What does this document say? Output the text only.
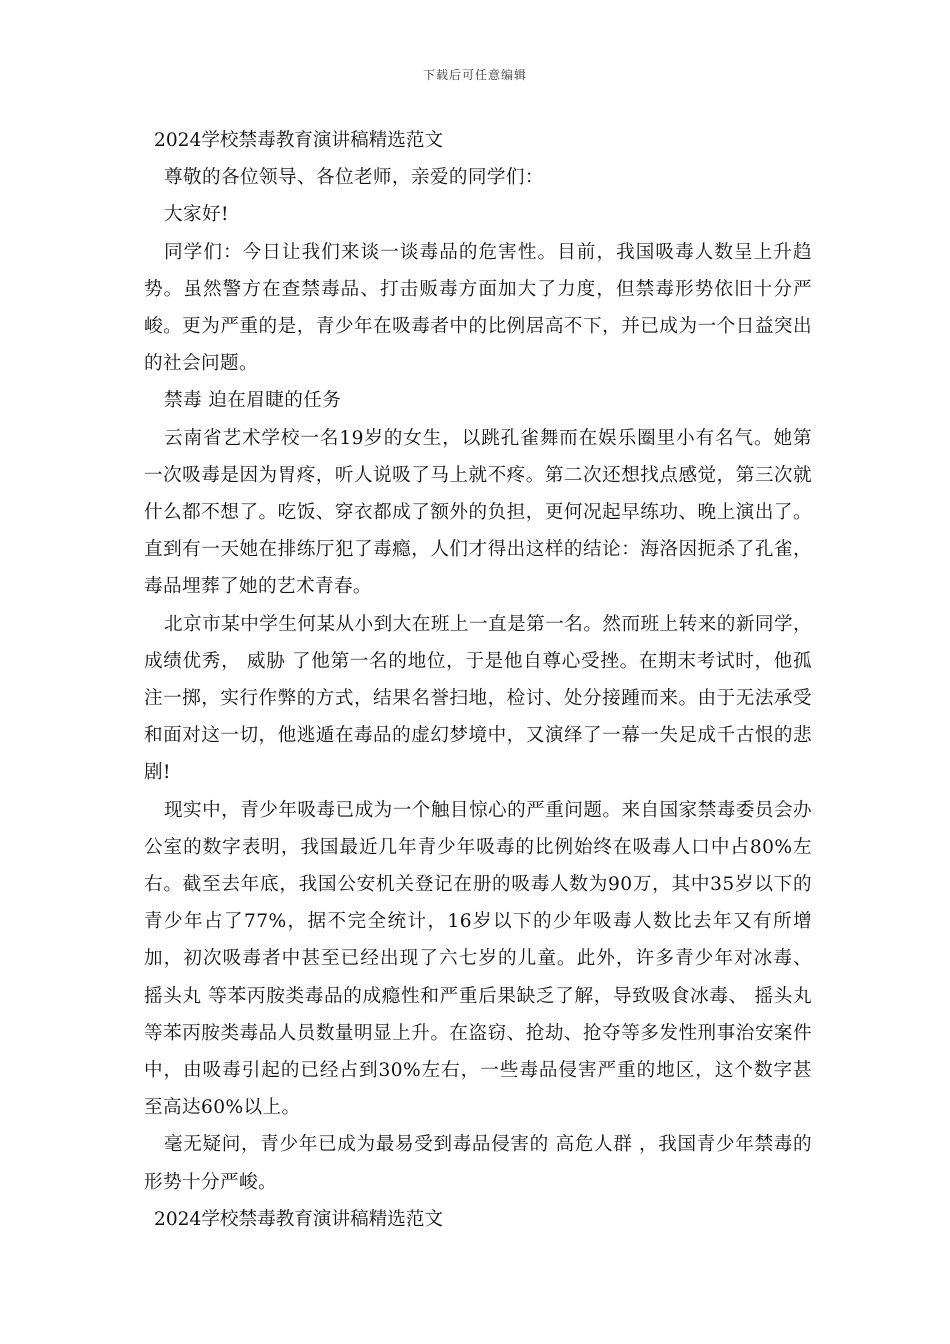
下载后可任意编辑

2024学校禁毒教育演讲稿精选范文

尊敬的各位领导、各位老师，亲爱的同学们：

大家好!

同学们：今日让我们来谈一谈毒品的危害性。目前，我国吸毒人数呈上升趋势。虽然警方在查禁毒品、打击贩毒方面加大了力度，但禁毒形势依旧十分严峻。更为严重的是，青少年在吸毒者中的比例居高不下，并已成为一个日益突出的社会问题。

禁毒 迫在眉睫的任务

云南省艺术学校一名19岁的女生，以跳孔雀舞而在娱乐圈里小有名气。她第一次吸毒是因为胃疼，听人说吸了马上就不疼。第二次还想找点感觉，第三次就什么都不想了。吃饭、穿衣都成了额外的负担，更何况起早练功、晚上演出了。直到有一天她在排练厅犯了毒瘾，人们才得出这样的结论：海洛因扼杀了孔雀，毒品埋葬了她的艺术青春。

北京市某中学生何某从小到大在班上一直是第一名。然而班上转来的新同学，成绩优秀， 威胁 了他第一名的地位，于是他自尊心受挫。在期末考试时，他孤注一掷，实行作弊的方式，结果名誉扫地，检讨、处分接踵而来。由于无法承受和面对这一切，他逃遁在毒品的虚幻梦境中，又演绎了一幕一失足成千古恨的悲剧!

现实中，青少年吸毒已成为一个触目惊心的严重问题。来自国家禁毒委员会办公室的数字表明，我国最近几年青少年吸毒的比例始终在吸毒人口中占80%左右。截至去年底，我国公安机关登记在册的吸毒人数为90万，其中35岁以下的青少年占了77%，据不完全统计，16岁以下的少年吸毒人数比去年又有所增加，初次吸毒者中甚至已经出现了六七岁的儿童。此外，许多青少年对冰毒、 摇头丸 等苯丙胺类毒品的成瘾性和严重后果缺乏了解，导致吸食冰毒、 摇头丸 等苯丙胺类毒品人员数量明显上升。在盗窃、抢劫、抢夺等多发性刑事治安案件中，由吸毒引起的已经占到30%左右，一些毒品侵害严重的地区，这个数字甚至高达60%以上。

毫无疑问，青少年已成为最易受到毒品侵害的 高危人群 ，我国青少年禁毒的形势十分严峻。

2024学校禁毒教育演讲稿精选范文
